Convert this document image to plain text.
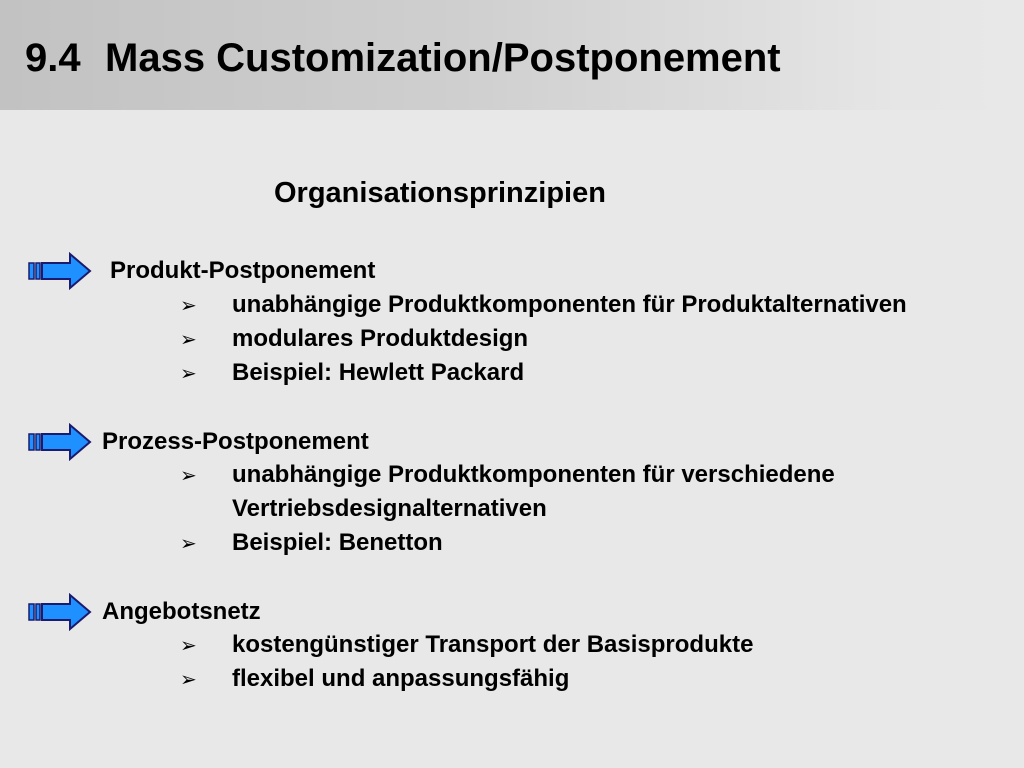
9.4 Mass Customization/Postponement
Organisationsprinzipien
Produkt-Postponement
➢	unabhängige Produktkomponenten für Produktalternativen
➢	modulares Produktdesign
➢	Beispiel: Hewlett Packard
Prozess-Postponement
➢	unabhängige Produktkomponenten für verschiedene
Vertriebsdesignalternativen
➢	Beispiel: Benetton
Angebotsnetz
➢	kostengünstiger Transport der Basisprodukte
➢	flexibel und anpassungsfähig
